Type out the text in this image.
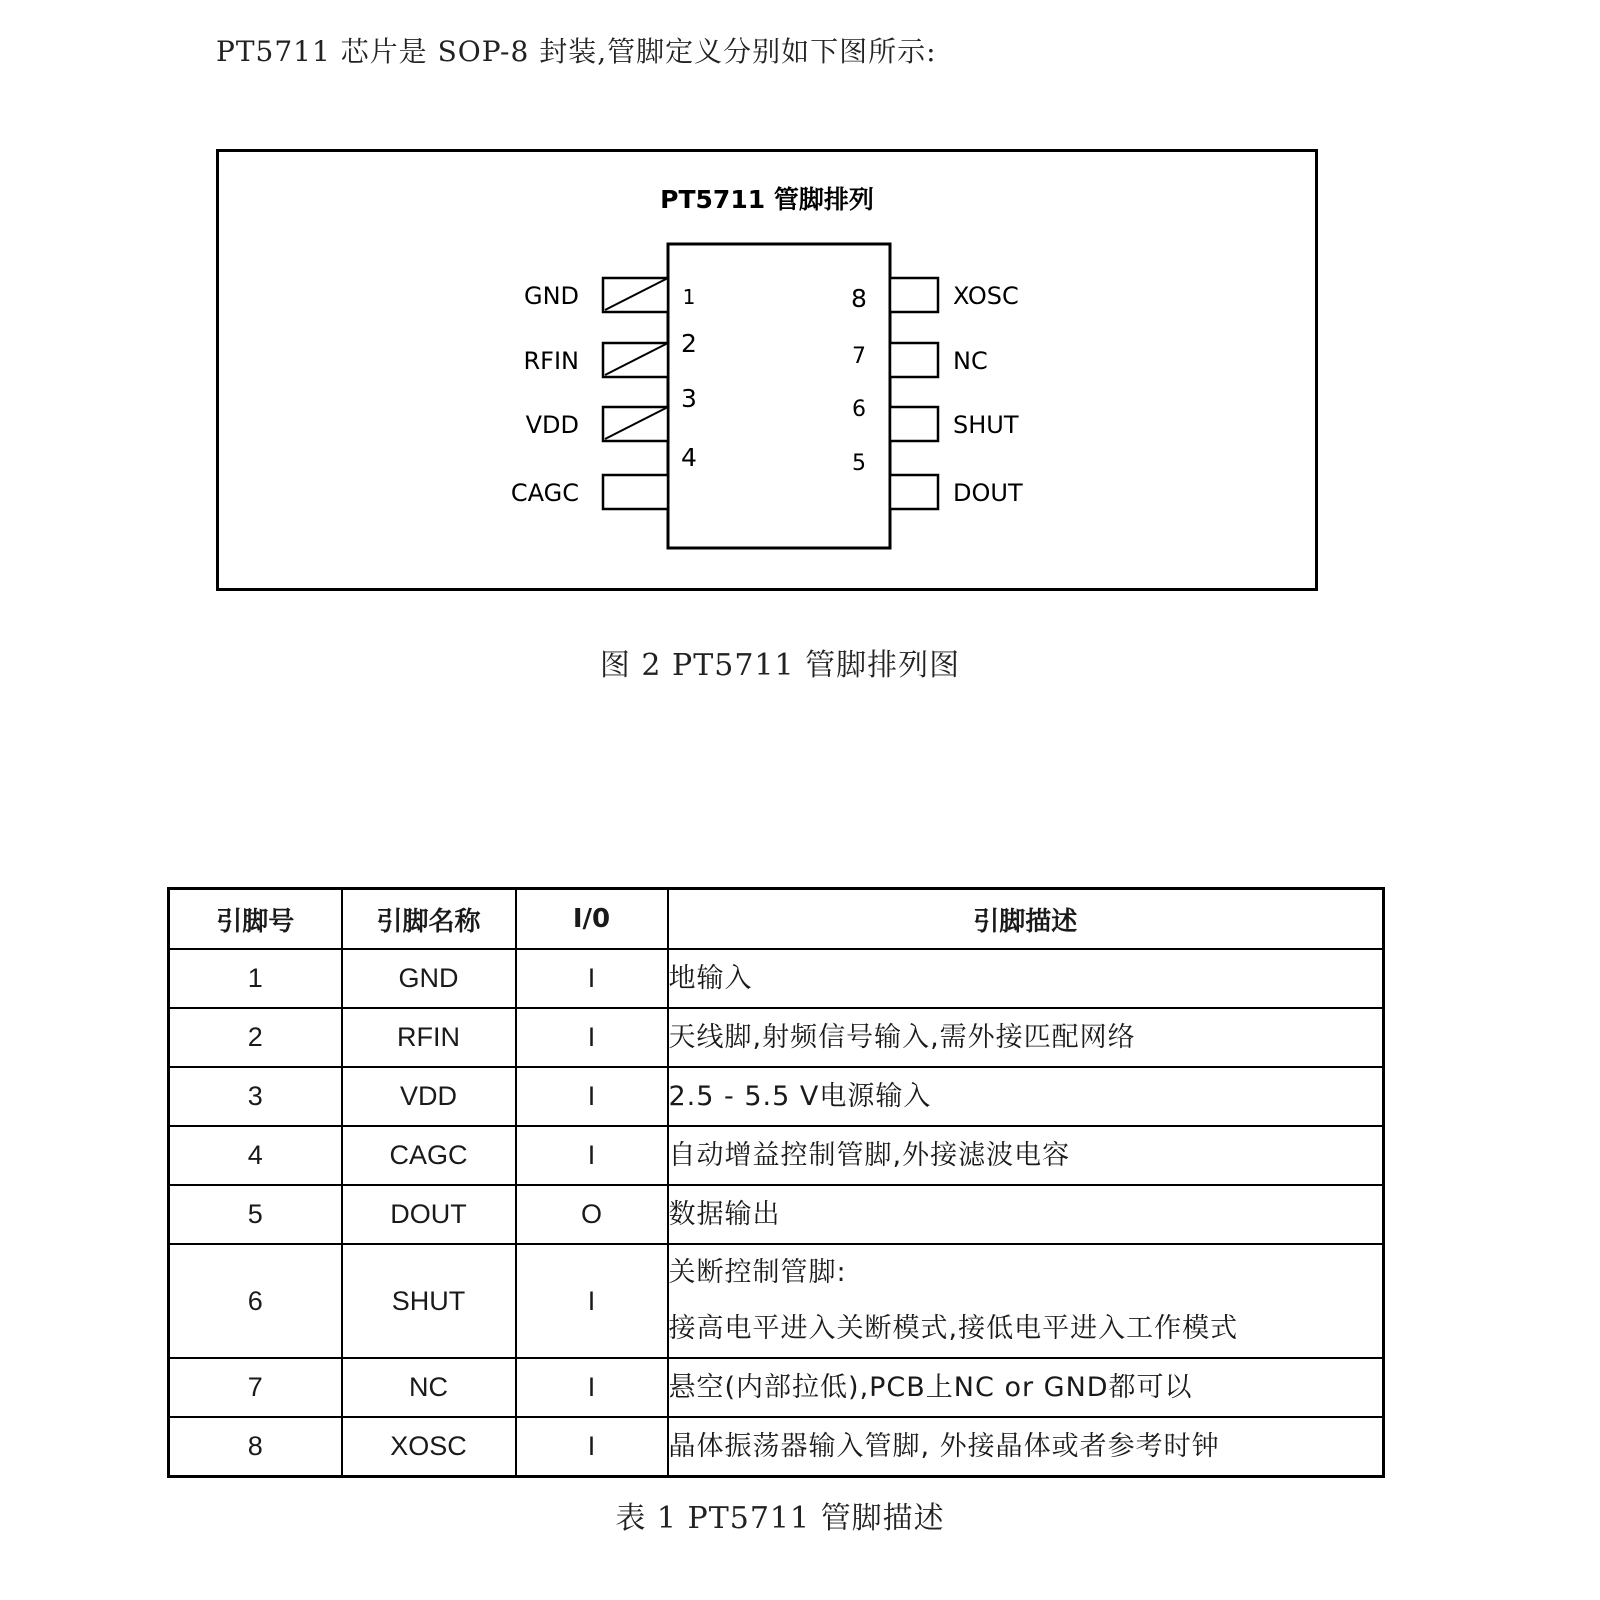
PT5711 芯片是 SOP-8 封装,管脚定义分别如下图所示:
PT5711 管脚排列
GND	1
RFIN
2
VDD
3
CAGC
4
XOSC
8
NC
7
SHUT
6
DOUT
5
图 2 PT5711 管脚排列图
引脚号	引脚名称	I/0	引脚描述
1	GND	I	地输入

2	RFIN	I	天线脚,射频信号输入,需外接匹配网络

3	VDD	I	2.5 - 5.5 V电源输入

4	CAGC	I	自动增益控制管脚,外接滤波电容

5	DOUT	O	数据输出

6	SHUT	I	关断控制管脚:
接高电平进入关断模式,接低电平进入工作模式

7	NC	I	悬空(内部拉低),PCB上NC or GND都可以

8	XOSC	I	晶体振荡器输入管脚, 外接晶体或者参考时钟
表 1 PT5711 管脚描述
